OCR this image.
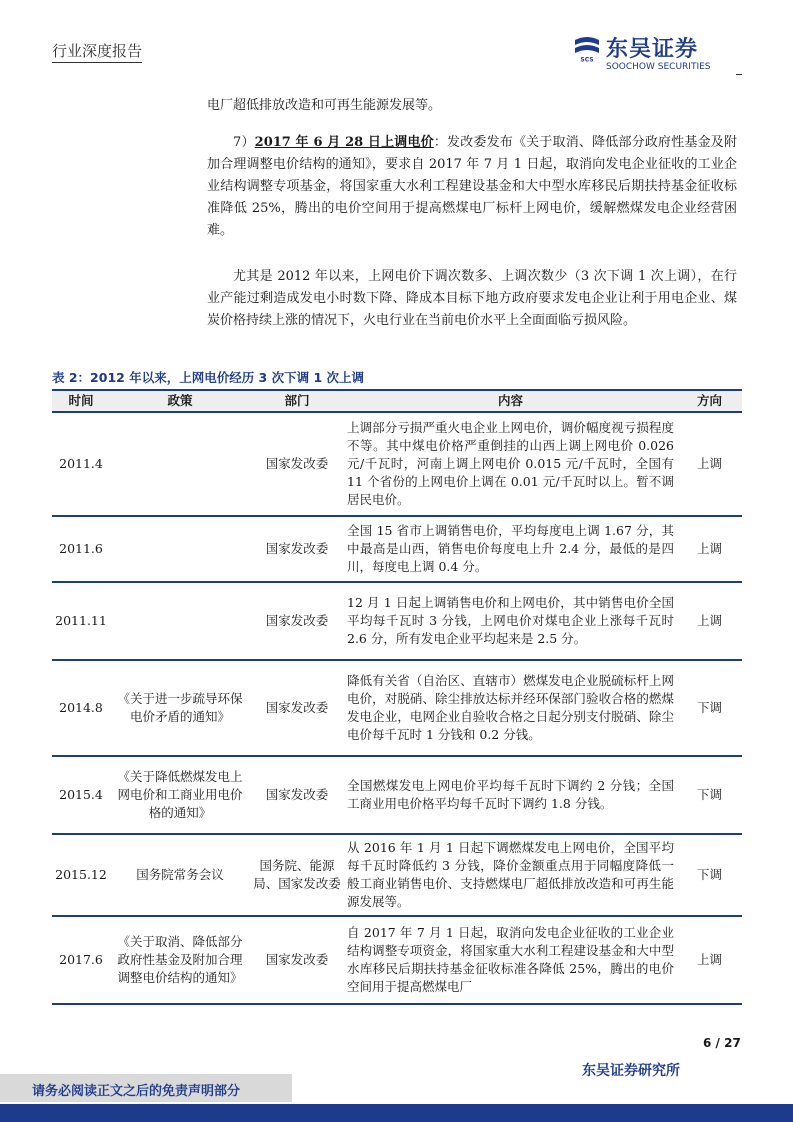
行业深度报告	SCS 东吴证券
SOOCHOW SECURITIES

电厂超低排放改造和可再生能源发展等。

7）2017 年 6 月 28 日上调电价：发改委发布《关于取消、降低部分政府性基金及附加合理调整电价结构的通知》，要求自 2017 年 7 月 1 日起，取消向发电企业征收的工业企业结构调整专项基金，将国家重大水利工程建设基金和大中型水库移民后期扶持基金征收标准降低 25%，腾出的电价空间用于提高燃煤电厂标杆上网电价，缓解燃煤发电企业经营困难。

尤其是 2012 年以来，上网电价下调次数多、上调次数少（3 次下调 1 次上调），在行业产能过剩造成发电小时数下降、降成本目标下地方政府要求发电企业让利于用电企业、煤炭价格持续上涨的情况下，火电行业在当前电价水平上全面面临亏损风险。

表 2：2012 年以来，上网电价经历 3 次下调 1 次上调
时间	政策	部门	内容	方向
2011.4		国家发改委	上调部分亏损严重火电企业上网电价，调价幅度视亏损程度不等。其中煤电价格严重倒挂的山西上调上网电价 0.026 元/千瓦时，河南上调上网电价 0.015 元/千瓦时，全国有 11 个省份的上网电价上调在 0.01 元/千瓦时以上。暂不调居民电价。	上调
2011.6		国家发改委	全国 15 省市上调销售电价，平均每度电上调 1.67 分，其中最高是山西，销售电价每度电上升 2.4 分，最低的是四川，每度电上调 0.4 分。	上调
2011.11		国家发改委	12 月 1 日起上调销售电价和上网电价，其中销售电价全国平均每千瓦时 3 分钱，上网电价对煤电企业上涨每千瓦时 2.6 分，所有发电企业平均起来是 2.5 分。	上调
2014.8	《关于进一步疏导环保电价矛盾的通知》	国家发改委	降低有关省（自治区、直辖市）燃煤发电企业脱硫标杆上网电价，对脱硝、除尘排放达标并经环保部门验收合格的燃煤发电企业，电网企业自验收合格之日起分别支付脱硝、除尘电价每千瓦时 1 分钱和 0.2 分钱。	下调
2015.4	《关于降低燃煤发电上网电价和工商业用电价格的通知》	国家发改委	全国燃煤发电上网电价平均每千瓦时下调约 2 分钱；全国工商业用电价格平均每千瓦时下调约 1.8 分钱。	下调
2015.12	国务院常务会议	国务院、能源局、国家发改委	从 2016 年 1 月 1 日起下调燃煤发电上网电价，全国平均每千瓦时降低约 3 分钱，降价金额重点用于同幅度降低一般工商业销售电价、支持燃煤电厂超低排放改造和可再生能源发展等。	下调
2017.6	《关于取消、降低部分政府性基金及附加合理调整电价结构的通知》	国家发改委	自 2017 年 7 月 1 日起，取消向发电企业征收的工业企业结构调整专项资金，将国家重大水利工程建设基金和大中型水库移民后期扶持基金征收标准各降低 25%，腾出的电价空间用于提高燃煤电厂	上调
6 / 27
东吴证券研究所
请务必阅读正文之后的免责声明部分
